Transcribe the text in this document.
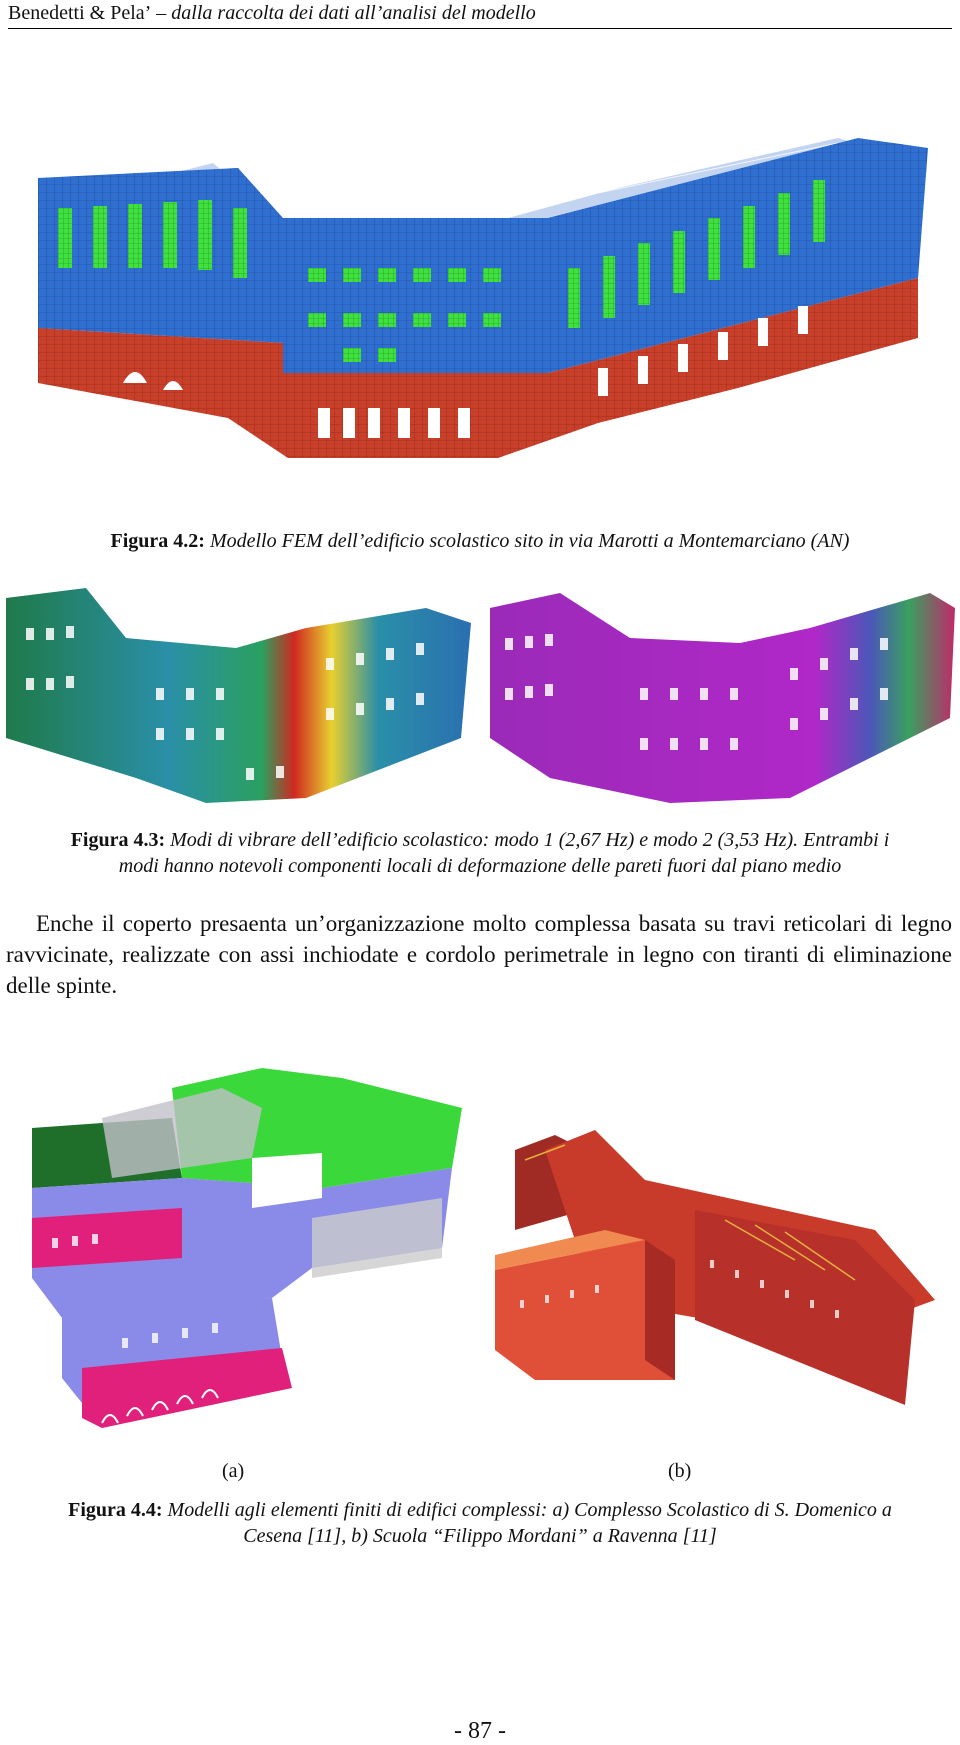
Benedetti & Pela’ – dalla raccolta dei dati all’analisi del modello
Figura 4.2: Modello FEM dell’edificio scolastico sito in via Marotti a Montemarciano (AN)
Figura 4.3: Modi di vibrare dell’edificio scolastico: modo 1 (2,67 Hz) e modo 2 (3,53 Hz). Entrambi i
modi hanno notevoli componenti locali di deformazione delle pareti fuori dal piano medio
Enche il coperto presaenta un’organizzazione molto complessa basata su travi reticolari di legno ravvicinate, realizzate con assi inchiodate e cordolo perimetrale in legno con tiranti di eliminazione delle spinte.
(a)	(b)
Figura 4.4: Modelli agli elementi finiti di edifici complessi: a) Complesso Scolastico di S. Domenico a
Cesena [11], b) Scuola “Filippo Mordani” a Ravenna [11]
- 87 -
